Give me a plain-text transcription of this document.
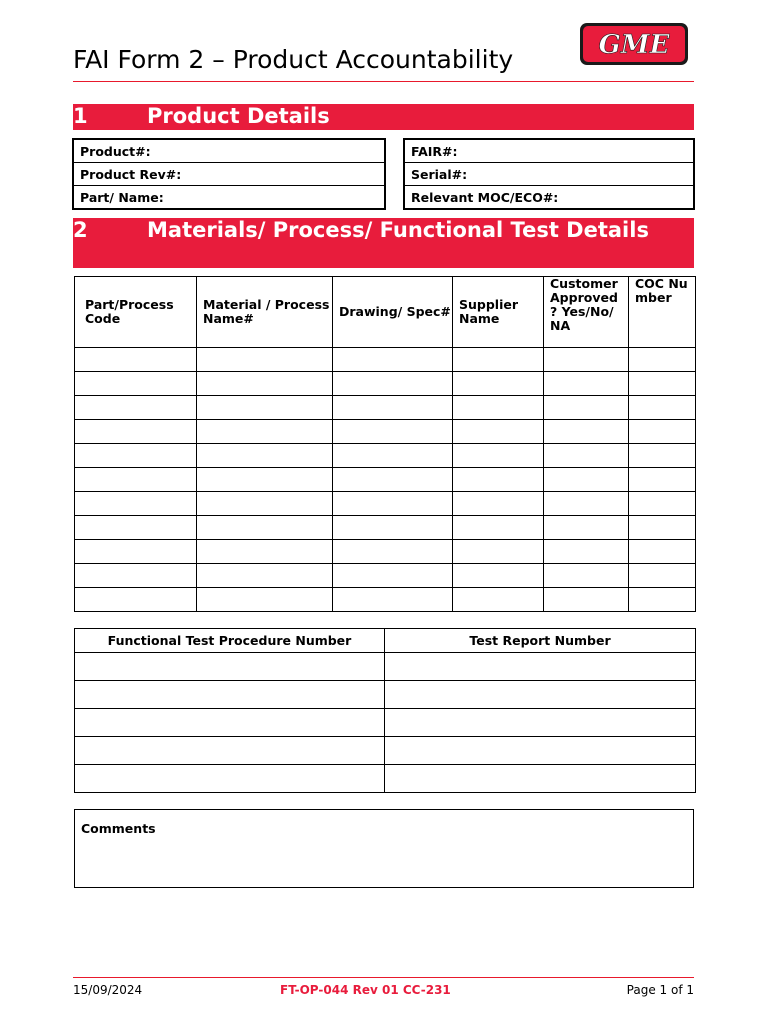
FAI Form 2 – Product Accountability	GME
1	Product Details
Product#:
Product Rev#:
Part/ Name:
FAIR#:
Serial#:
Relevant MOC/ECO#:
2	Materials/ Process/ Functional Test Details
Part/Process Code	Material / Process Name#	Drawing/ Spec#	Supplier Name	Customer Approved ? Yes/No/ NA	COC Number

Functional Test Procedure Number	Test Report Number

Comments
15/09/2024	FT-OP-044 Rev 01 CC-231	Page 1 of 1
